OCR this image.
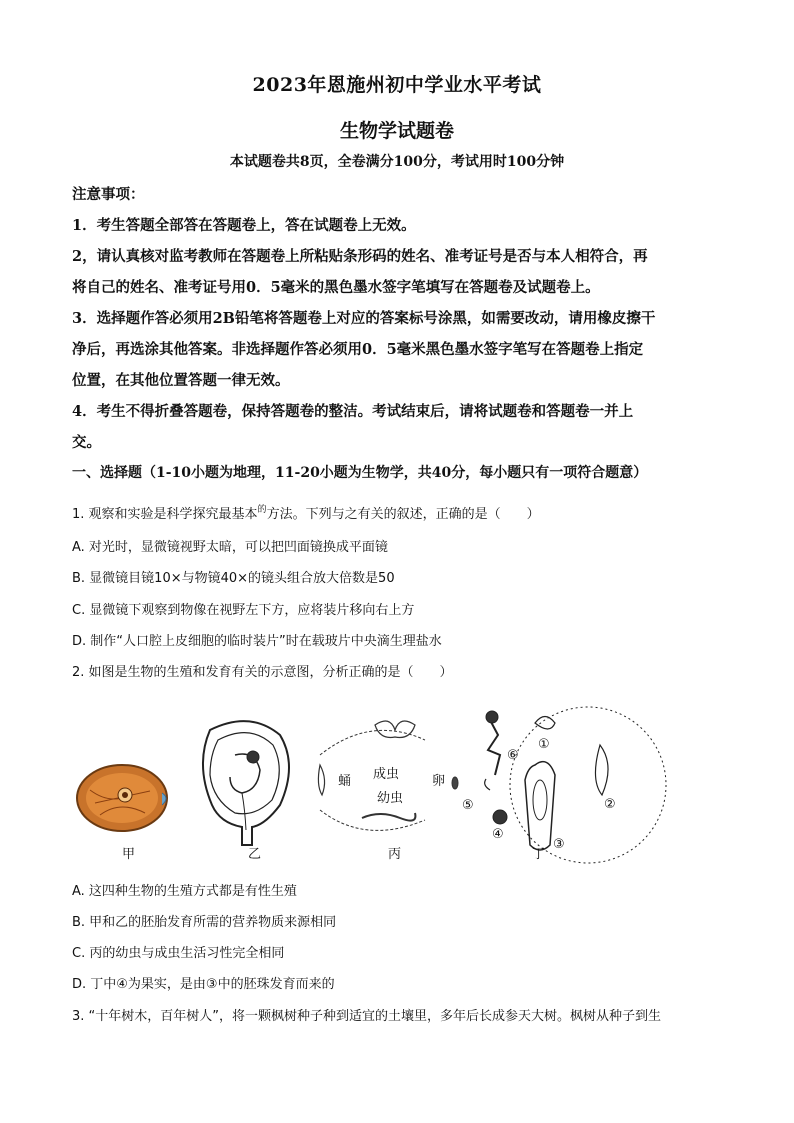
2023年恩施州初中学业水平考试
生物学试题卷
本试题卷共8页，全卷满分100分，考试用时100分钟
注意事项：
1．考生答题全部答在答题卷上，答在试题卷上无效。
2，请认真核对监考教师在答题卷上所粘贴条形码的姓名、准考证号是否与本人相符合，再
将自己的姓名、准考证号用0．5毫米的黑色墨水签字笔填写在答题卷及试题卷上。
3．选择题作答必须用2B铅笔将答题卷上对应的答案标号涂黑，如需要改动，请用橡皮擦干
净后，再选涂其他答案。非选择题作答必须用0．5毫米黑色墨水签字笔写在答题卷上指定
位置，在其他位置答题一律无效。
4．考生不得折叠答题卷，保持答题卷的整洁。考试结束后，请将试题卷和答题卷一并上
交。
一、选择题（1-10小题为地理，11-20小题为生物学，共40分，每小题只有一项符合题意）
1. 观察和实验是科学探究最基本$^的$方法。下列与之有关的叙述，正确的是（　　）
A. 对光时，显微镜视野太暗，可以把凹面镜换成平面镜
B. 显微镜目镜10×与物镜40×的镜头组合放大倍数是50
C. 显微镜下观察到物像在视野左下方，应将装片移向右上方
D. 制作“人口腔上皮细胞的临时装片”时在载玻片中央滴生理盐水
2. 如图是生物的生殖和发育有关的示意图，分析正确的是（　　）
甲	乙	丙	丁
蛹 成虫	卵
幼虫
①
②
③
④
⑤
⑥
A. 这四种生物的生殖方式都是有性生殖
B. 甲和乙的胚胎发育所需的营养物质来源相同
C. 丙的幼虫与成虫生活习性完全相同
D. 丁中④为果实，是由③中的胚珠发育而来的
3. “十年树木，百年树人”，将一颗枫树种子种到适宜的土壤里，多年后长成参天大树。枫树从种子到生
